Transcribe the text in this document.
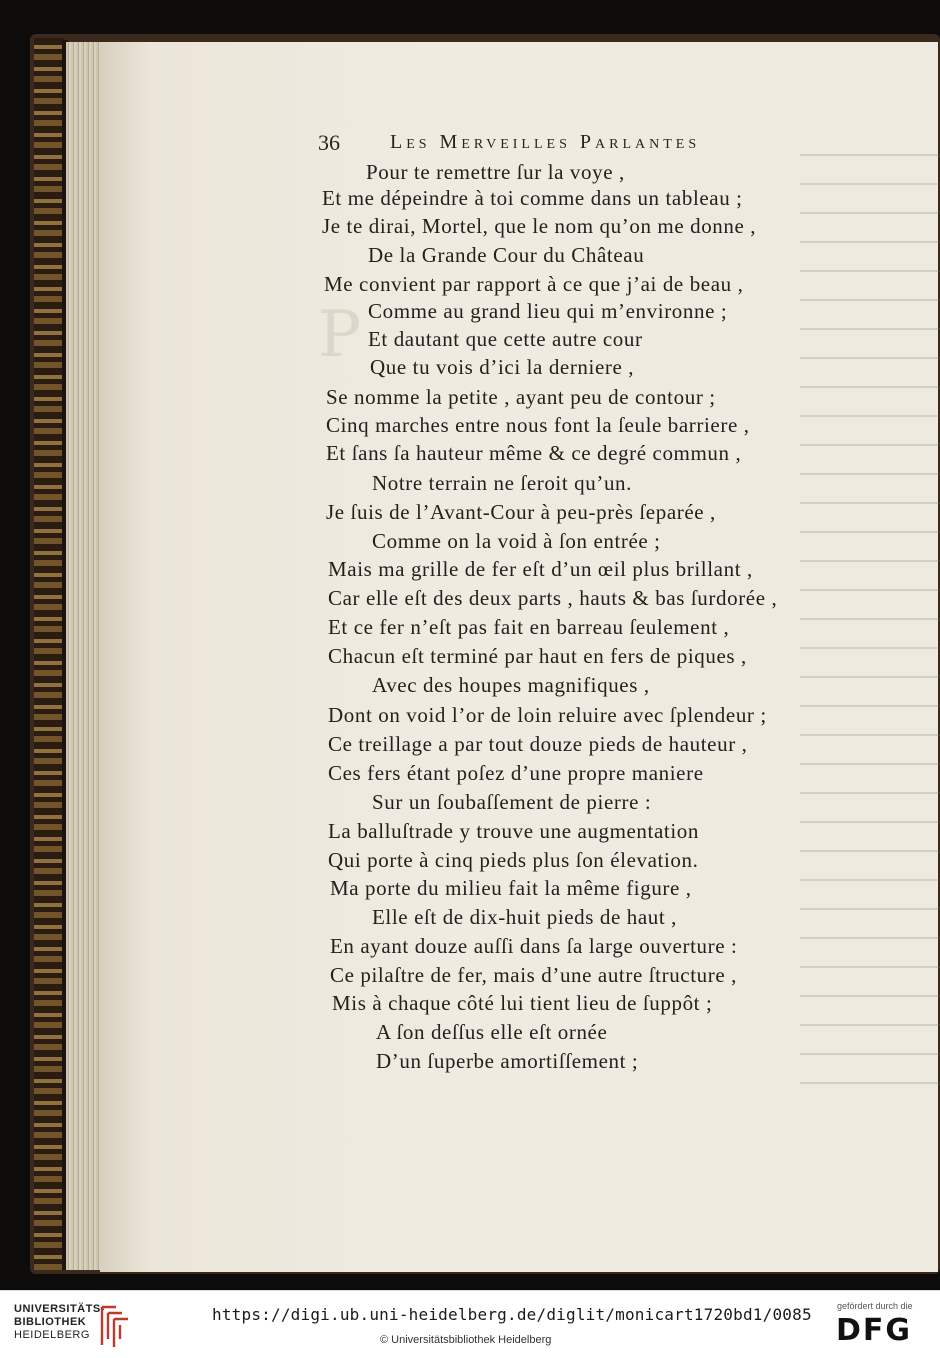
P
36	Les Merveilles Parlantes
Pour te remettre ſur la voye ,
Et me dépeindre à toi comme dans un tableau ;
Je te dirai, Mortel, que le nom qu’on me donne ,
De la Grande Cour du Château
Me convient par rapport à ce que j’ai de beau ,
Comme au grand lieu qui m’environne ;
Et dautant que cette autre cour
Que tu vois d’ici la derniere ,
Se nomme la petite , ayant peu de contour ;
Cinq marches entre nous font la ſeule barriere ,
Et ſans ſa hauteur même & ce degré commun ,
Notre terrain ne ſeroit qu’un.
Je ſuis de l’Avant-Cour à peu-près ſeparée ,
Comme on la void à ſon entrée ;
Mais ma grille de fer eſt d’un œil plus brillant ,
Car elle eſt des deux parts , hauts & bas ſurdorée ,
Et ce fer n’eſt pas fait en barreau ſeulement ,
Chacun eſt terminé par haut en fers de piques ,
Avec des houpes magnifiques ,
Dont on void l’or de loin reluire avec ſplendeur ;
Ce treillage a par tout douze pieds de hauteur ,
Ces fers étant poſez d’une propre maniere
Sur un ſoubaſſement de pierre :
La balluſtrade y trouve une augmentation
Qui porte à cinq pieds plus ſon élevation.
Ma porte du milieu fait la même figure ,
Elle eſt de dix-huit pieds de haut ,
En ayant douze auſſi dans ſa large ouverture :
Ce pilaſtre de fer, mais d’une autre ſtructure ,
Mis à chaque côté lui tient lieu de ſuppôt ;
A ſon deſſus elle eſt ornée
D’un ſuperbe amortiſſement ;
UNIVERSITÄTS-
BIBLIOTHEK
HEIDELBERG
https://digi.ub.uni-heidelberg.de/diglit/monicart1720bd1/0085
© Universitätsbibliothek Heidelberg
gefördert durch die
DFG
